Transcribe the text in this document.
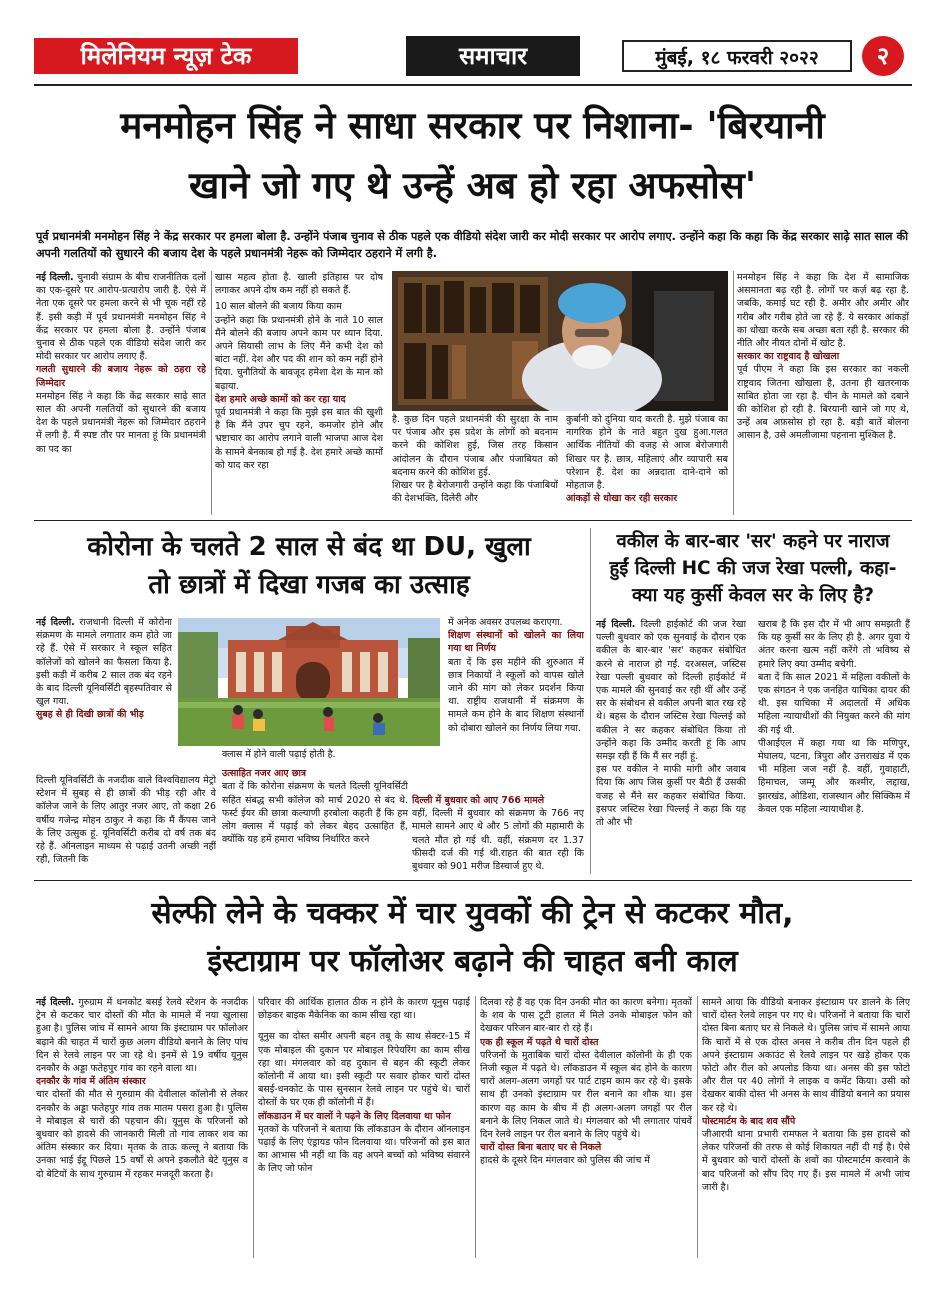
मिलेनियम न्यूज़ टेक	समाचार	मुंबई, १८ फरवरी २०२२	२
मनमोहन सिंह ने साधा सरकार पर निशाना- 'बिरयानी
खाने जो गए थे उन्हें अब हो रहा अफसोस'
पूर्व प्रधानमंत्री मनमोहन सिंह ने केंद्र सरकार पर हमला बोला है. उन्होंने पंजाब चुनाव से ठीक पहले एक वीडियो संदेश जारी कर मोदी सरकार पर आरोप लगाए. उन्होंने कहा कि कहा कि केंद्र सरकार साढ़े सात साल की अपनी गलतियों को सुधारने की बजाय देश के पहले प्रधानमंत्री नेहरू को जिम्मेदार ठहराने में लगी है.

नई दिल्ली. चुनावी संग्राम के बीच राजनीतिक दलों का एक-दूसरे पर आरोप-प्रत्यारोप जारी है. ऐसे में नेता एक दूसरे पर हमला करने से भी चूक नहीं रहे हैं. इसी कड़ी में पूर्व प्रधानमंत्री मनमोहन सिंह ने केंद्र सरकार पर हमला बोला है. उन्होंने पंजाब चुनाव से ठीक पहले एक वीडियो संदेश जारी कर मोदी सरकार पर आरोप लगाए हैं.

गलती सुधारने की बजाय नेहरू को ठहरा रहे जिम्मेदार

मनमोहन सिंह ने कहा कि केंद्र सरकार साढ़े सात साल की अपनी गलतियों को सुधारने की बजाय देश के पहले प्रधानमंत्री नेहरू को जिम्मेदार ठहराने में लगी है. मैं स्पष्ट तौर पर मानता हूं कि प्रधानमंत्री का पद का

खास महत्व होता है. खाली इतिहास पर दोष लगाकर अपने दोष कम नहीं हो सकते हैं.

10 साल बोलने की बजाय किया काम

उन्होंने कहा कि प्रधानमंत्री होने के नाते 10 साल मैंने बोलने की बजाय अपने काम पर ध्यान दिया. अपने सियासी लाभ के लिए मैंने कभी देश को बांटा नहीं. देश और पद की शान को कम नहीं होने दिया. चुनौतियों के बावजूद हमेशा देश के मान को बढ़ाया.

देश हमारे अच्छे कामों को कर रहा याद

पूर्व प्रधानमंत्री ने कहा कि मुझे इस बात की खुशी है कि मैंने उपर चुप रहने, कमजोर होने और भ्रष्टाचार का आरोप लगाने वाली भाजपा आज देश के सामने बेनकाब हो गई है. देश हमारे अच्छे कामों को याद कर रहा

है. कुछ दिन पहले प्रधानमंत्री की सुरक्षा के नाम पर पंजाब और इस प्रदेश के लोगों को बदनाम करने की कोशिश हुई, जिस तरह किसान आंदोलन के दौरान पंजाब और पंजाबियत को बदनाम करने की कोशिश हुई.

शिखर पर है बेरोजगारी उन्होंने कहा कि पंजाबियों की देशभक्ति, दिलेरी और

कुर्बानी को दुनिया याद करती है. मुझे पंजाब का नागरिक होने के नाते बहुत दुख हुआ.गलत आर्थिक नीतियों की वजह से आज बेरोजगारी शिखर पर है. छात्र, महिलाएं और व्यापारी सब परेशान हैं. देश का अन्नदाता दाने-दाने को मोहताज है.

आंकड़ों से धोखा कर रही सरकार

मनमोहन सिंह ने कहा कि देश में सामाजिक असमानता बढ़ रही है. लोगों पर कर्ज़ बढ़ रहा है. जबकि, कमाई घट रही है. अमीर और अमीर और गरीब और गरीब होते जा रहे हैं. ये सरकार आंकड़ों का धोखा करके सब अच्छा बता रही है. सरकार की नीति और नीयत दोनों में खोट है.

सरकार का राष्ट्रवाद है खोखला

पूर्व पीएम ने कहा कि इस सरकार का नकली राष्ट्रवाद जितना खोखला है, उतना ही खतरनाक साबित होता जा रहा है. चीन के मामले को दबाने की कोशिश हो रही है. बिरयानी खाने जो गए थे, उन्हें अब अफ़सोस हो रहा है. बड़ी बातें बोलना आसान है, उसे अमलीजामा पहनाना मुश्किल है.

कोरोना के चलते 2 साल से बंद था DU, खुला
तो छात्रों में दिखा गजब का उत्साह

नई दिल्ली. राजधानी दिल्ली में कोरोना संक्रमण के मामले लगातार कम होते जा रहे हैं. ऐसे में सरकार ने स्कूल सहित कॉलेजों को खोलने का फैसला किया है. इसी कड़ी में करीब 2 साल तक बंद रहने के बाद दिल्ली यूनिवर्सिटी बृहस्पतिवार से खुल गया.

सुबह से ही दिखी छात्रों की भीड़

दिल्ली यूनिवर्सिटी के नजदीक वाले विश्वविद्यालय मेट्रो स्टेशन में सुबह से ही छात्रों की भीड़ रही और वे कॉलेज जाने के लिए आतुर नजर आए, तो कक्षा 26 वर्षीय गजेन्द्र मोहन ठाकुर ने कहा कि मैं कैंपस जाने के लिए उत्सुक हूं. यूनिवर्सिटी करीब दो वर्ष तक बंद रहे हैं. ऑनलाइन माध्यम से पढ़ाई उतनी अच्छी नहीं रही, जितनी कि

क्लास में होने वाली पढ़ाई होती है.

उत्साहित नजर आए छात्र

बता दें कि कोरोना संक्रमण के चलते दिल्ली यूनिवर्सिटी सहित संबद्ध सभी कॉलेज को मार्च 2020 से बंद थे. फर्स्ट ईयर की छात्रा कल्याणी हरबोला कहती हैं कि हम लोग क्लास में पढ़ाई को लेकर बेहद उत्साहित हैं, क्योंकि यह हमें हमारा भविष्य निर्धारित करने

में अनेक अवसर उपलब्ध कराएगा.

शिक्षण संस्थानों को खोलने का लिया गया था निर्णय

बता दें कि इस महीने की शुरुआत में छात्र निकायों ने स्कूलों को वापस खोले जाने की मांग को लेकर प्रदर्शन किया था. राष्ट्रीय राजधानी में संक्रमण के मामले कम होने के बाद शिक्षण संस्थानों को दोबारा खोलने का निर्णय लिया गया.

दिल्ली में बुधवार को आए 766 मामले

वहीं, दिल्ली में बुधवार को संक्रमण के 766 नए मामले सामने आए थे और 5 लोगों की महामारी के चलते मौत हो गई थी. वहीं, संक्रमण दर 1.37 फीसदी दर्ज की गई थी.राहत की बात रही कि बुधवार को 901 मरीज डिस्चार्ज हुए थे.

वकील के बार-बार 'सर' कहने पर नाराज
हुईं दिल्ली HC की जज रेखा पल्ली, कहा-
क्या यह कुर्सी केवल सर के लिए है?

नई दिल्ली. दिल्ली हाईकोर्ट की जज रेखा पल्ली बुधवार को एक सुनवाई के दौरान एक वकील के बार-बार 'सर' कहकर संबोधित करने से नाराज हो गईं. दरअसल, जस्टिस रेखा पल्ली बुधवार को दिल्ली हाईकोर्ट में एक मामले की सुनवाई कर रही थीं और उन्हें सर के संबोधन से वकील अपनी बात रख रहे थे। बहस के दौरान जस्टिस रेखा पिल्लई को वकील ने सर कहकर संबोधित किया तो उन्होंने कहा कि उम्मीद करती हूं कि आप समझ रही हैं कि मैं सर नहीं हूं.

इस पर वकील ने माफी मांगी और जवाब दिया कि आप जिस कुर्सी पर बैठी हैं उसकी वजह से मैंने सर कहकर संबोधित किया. इसपर जस्टिस रेखा पिल्लई ने कहा कि यह तो और भी

खराब है कि इस दौर में भी आप समझती हैं कि यह कुर्सी सर के लिए ही है. अगर युवा ये अंतर करना खत्म नहीं करेंगे तो भविष्य से हमारे लिए क्या उम्मीद बचेगी.

बता दें कि साल 2021 में महिला वकीलों के एक संगठन ने एक जनहित याचिका दायर की थी. इस याचिका में अदालतों में अधिक महिला न्यायाधीशों की नियुक्त करने की मांग की गई थी.

पीआईएल में कहा गया था कि मणिपुर, मेघालय, पटना, त्रिपुरा और उत्तराखंड में एक भी महिला जज नहीं है. वहीं, गुवाहाटी, हिमाचल, जम्मू और कश्मीर, लद्दाख, झारखंड, ओडिशा, राजस्थान और सिक्किम में केवल एक महिला न्यायाधीश है.

सेल्फी लेने के चक्कर में चार युवकों की ट्रेन से कटकर मौत,
इंस्टाग्राम पर फॉलोअर बढ़ाने की चाहत बनी काल

नई दिल्ली. गुरुग्राम में धनकोट बसई रेलवे स्टेशन के नजदीक ट्रेन से कटकर चार दोस्तों की मौत के मामले में नया खुलासा हुआ है। पुलिस जांच में सामने आया कि इंस्टाग्राम पर फॉलोअर बढ़ाने की चाहत में चारों कुछ अलग वीडियो बनाने के लिए पांच दिन से रेलवे लाइन पर जा रहे थे। इनमें से 19 वर्षीय यूनुस दनकौर के अड्डा फतेहपुर गांव का रहने वाला था।

दनकौर के गांव में अंतिम संस्कार

चार दोस्तों की मौत से गुरुग्राम की देवीलाल कॉलोनी से लेकर दनकौर के अड्डा फतेहपुर गांव तक मातम पसरा हुआ है। पुलिस ने मोबाइल से चारों की पहचान की। यूनुस के परिजनों को बुधवार को हादसे की जानकारी मिली तो गांव लाकर शव का अंतिम संस्कार कर दिया। मृतक के ताऊ कल्लू ने बताया कि उनका भाई ईद्दू पिछले 15 वर्षों से अपने इकलौते बेटे यूनुस व दो बेटियों के साथ गुरुग्राम में रहकर मजदूरी करता है।

परिवार की आर्थिक हालात ठीक न होने के कारण यूनुस पढ़ाई छोड़कर बाइक मैकेनिक का काम सीख रहा था।

यूनुस का दोस्त समीर अपनी बहन तबू के साथ सेक्टर-15 में एक मोबाइल की दुकान पर मोबाइल रिपेयरिंग का काम सीख रहा था। मंगलवार को वह दुकान से बहन की स्कूटी लेकर कॉलोनी में आया था। इसी स्कूटी पर सवार होकर चारों दोस्त बसई-धनकोट के पास सुनसान रेलवे लाइन पर पहुंचे थे। चारों दोस्तों के घर एक ही कॉलोनी में हैं।

लॉकडाउन में घर वालों ने पढ़ने के लिए दिलवाया था फोन

मृतकों के परिजनों ने बताया कि लॉकडाउन के दौरान ऑनलाइन पढ़ाई के लिए एंड्रायड फोन दिलवाया था। परिजनों को इस बात का आभास भी नहीं था कि वह अपने बच्चों को भविष्य संवारने के लिए जो फोन

दिलवा रहे हैं वह एक दिन उनकी मौत का कारण बनेगा। मृतकों के शव के पास टूटी हालत में मिले उनके मोबाइल फोन को देखकर परिजन बार-बार रो रहे हैं।

एक ही स्कूल में पढ़ते थे चारों दोस्त

परिजनों के मुताबिक चारों दोस्त देवीलाल कॉलोनी के ही एक निजी स्कूल में पढ़ते थे। लॉकडाउन में स्कूल बंद होने के कारण चारों अलग-अलग जगहों पर पार्ट टाइम काम कर रहे थे। इसके साथ ही उनको इंस्टाग्राम पर रील बनाने का शौक था। इस कारण वह काम के बीच में ही अलग-अलग जगहों पर रील बनाने के लिए निकल जाते थे। मंगलवार को भी लगातार पांचवें दिन रेलवे लाइन पर रील बनाने के लिए पहुंचे थे।

चारों दोस्त बिना बताए घर से निकले

हादसे के दूसरे दिन मंगलवार को पुलिस की जांच में

सामने आया कि वीडियो बनाकर इंस्टाग्राम पर डालने के लिए चारों दोस्त रेलवे लाइन पर गए थे। परिजनों ने बताया कि चारों दोस्त बिना बताए घर से निकले थे। पुलिस जांच में सामने आया कि चारों में से एक दोस्त अनस ने करीब तीन दिन पहले ही अपने इंस्टाग्राम अकाउंट से रेलवे लाइन पर खड़े होकर एक फोटो और रील को अपलोड किया था। अनस की इस फोटो और रील पर 40 लोगों ने लाइक व कमेंट किया। उसी को देखकर बाकी दोस्त भी अनस के साथ वीडियो बनाने का प्रयास कर रहे थे।

पोस्टमार्टम के बाद शव सौंपे

जीआरपी थाना प्रभारी रामफल ने बताया कि इस हादसे को लेकर परिजनों की तरफ से कोई शिकायत नहीं दी गई है। ऐसे में बुधवार को चारों दोस्तों के शवों का पोस्टमार्टम करवाने के बाद परिजनों को सौंप दिए गए हैं। इस मामले में अभी जांच जारी है।
